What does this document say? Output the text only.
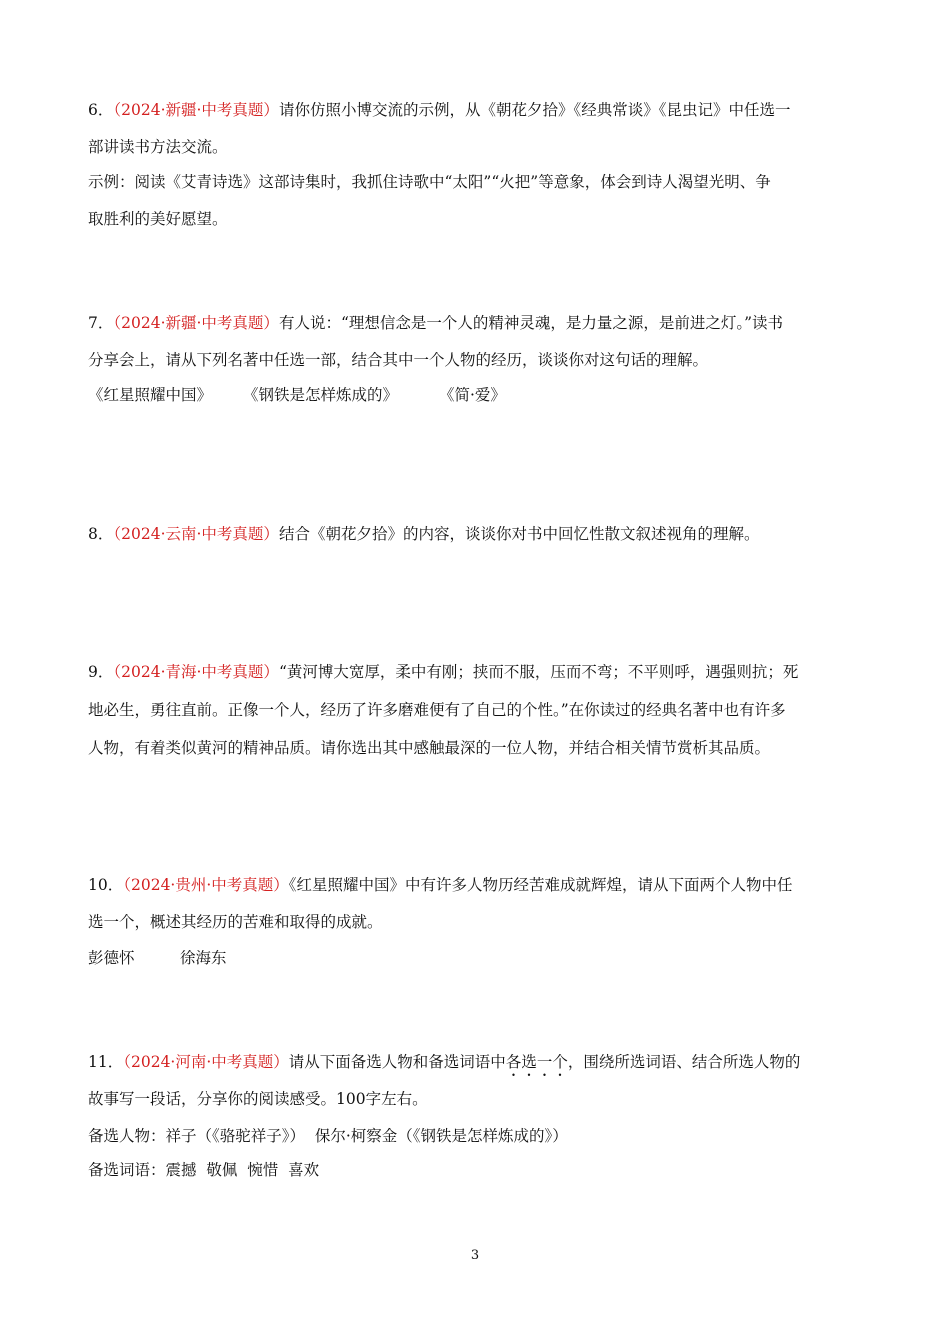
6．（2024·新疆·中考真题）请你仿照小博交流的示例，从《朝花夕拾》《经典常谈》《昆虫记》中任选一
部讲读书方法交流。
示例：阅读《艾青诗选》这部诗集时，我抓住诗歌中“太阳”“火把”等意象，体会到诗人渴望光明、争
取胜利的美好愿望。
7．（2024·新疆·中考真题）有人说：“理想信念是一个人的精神灵魂，是力量之源，是前进之灯。”读书
分享会上，请从下列名著中任选一部，结合其中一个人物的经历，谈谈你对这句话的理解。
《红星照耀中国》 《钢铁是怎样炼成的》	《简·爱》
8．（2024·云南·中考真题）结合《朝花夕拾》的内容，谈谈你对书中回忆性散文叙述视角的理解。
9．（2024·青海·中考真题）“黄河博大宽厚，柔中有刚；挟而不服，压而不弯；不平则呼，遇强则抗；死
地必生，勇往直前。正像一个人，经历了许多磨难便有了自己的个性。”在你读过的经典名著中也有许多
人物，有着类似黄河的精神品质。请你选出其中感触最深的一位人物，并结合相关情节赏析其品质。
10．（2024·贵州·中考真题）《红星照耀中国》中有许多人物历经苦难成就辉煌，请从下面两个人物中任
选一个，概述其经历的苦难和取得的成就。
彭德怀	徐海东
11．（2024·河南·中考真题）请从下面备选人物和备选词语中各选一个，围绕所选词语、结合所选人物的
故事写一段话，分享你的阅读感受。100字左右。
备选人物：祥子（《骆驼祥子》）  保尔·柯察金（《钢铁是怎样炼成的》）
备选词语：震撼  敬佩  惋惜  喜欢
3
